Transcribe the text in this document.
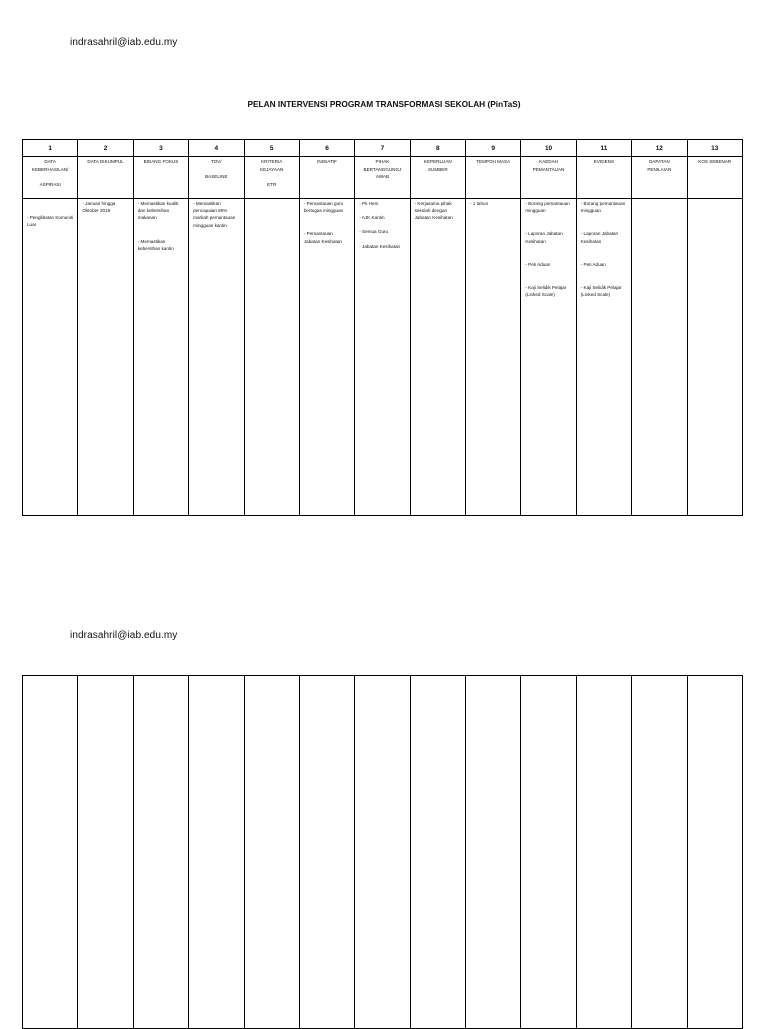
indrasahril@iab.edu.my
PELAN INTERVENSI PROGRAM TRANSFORMASI SEKOLAH (PinTaS)
1	2	3	4	5	6	7	8	9	10	11	12	13
DATA
KEBERHASILAN/

ASPIRASI	DATA DIKUMPUL	BIDANG FOKUS	TOV/

BASELINE	KRITERIA
KEJAYAAN

ETR	INISIATIF	PIHAK
BERTANGGUNGJ
AWAB	KEPERLUAN
SUMBER	TEMPOH MASA	KAEDAH
PEMANTAUAN	EVIDENS	DAPATAN
PENILAIAN	KOS SEBENAR

- Penglibatan Komuniti Luar	- Januari hingga Oktober 2019	- Memastikan kualiti dan kebersihan makanan
- Memastikan kebersihan kantin	- Memastikan pencapaian 80% markah pemantauan mingguan kantin		- Pemantauan guru bertugas mingguan
- Pemantauan Jabatan Kesihatan	- Pk Hem
- AJK Kantin
- Semua Guru
- Jabatan Kesihatan	- Kerjasama pihak sekolah dengan Jabatan Kesihatan	- 1 tahun	- Borang pemantauan mingguan
- Laporan Jabatan Kesihatan
- Peti Aduan
- Kaji Selidik Pelajar (Linked Scale)	- Borang pemantauan mingguan
- Laporan Jabatan Kesihatan
- Peti Aduan
- Kaji Selidik Pelajar (Linked Scale)		

indrasahril@iab.edu.my
